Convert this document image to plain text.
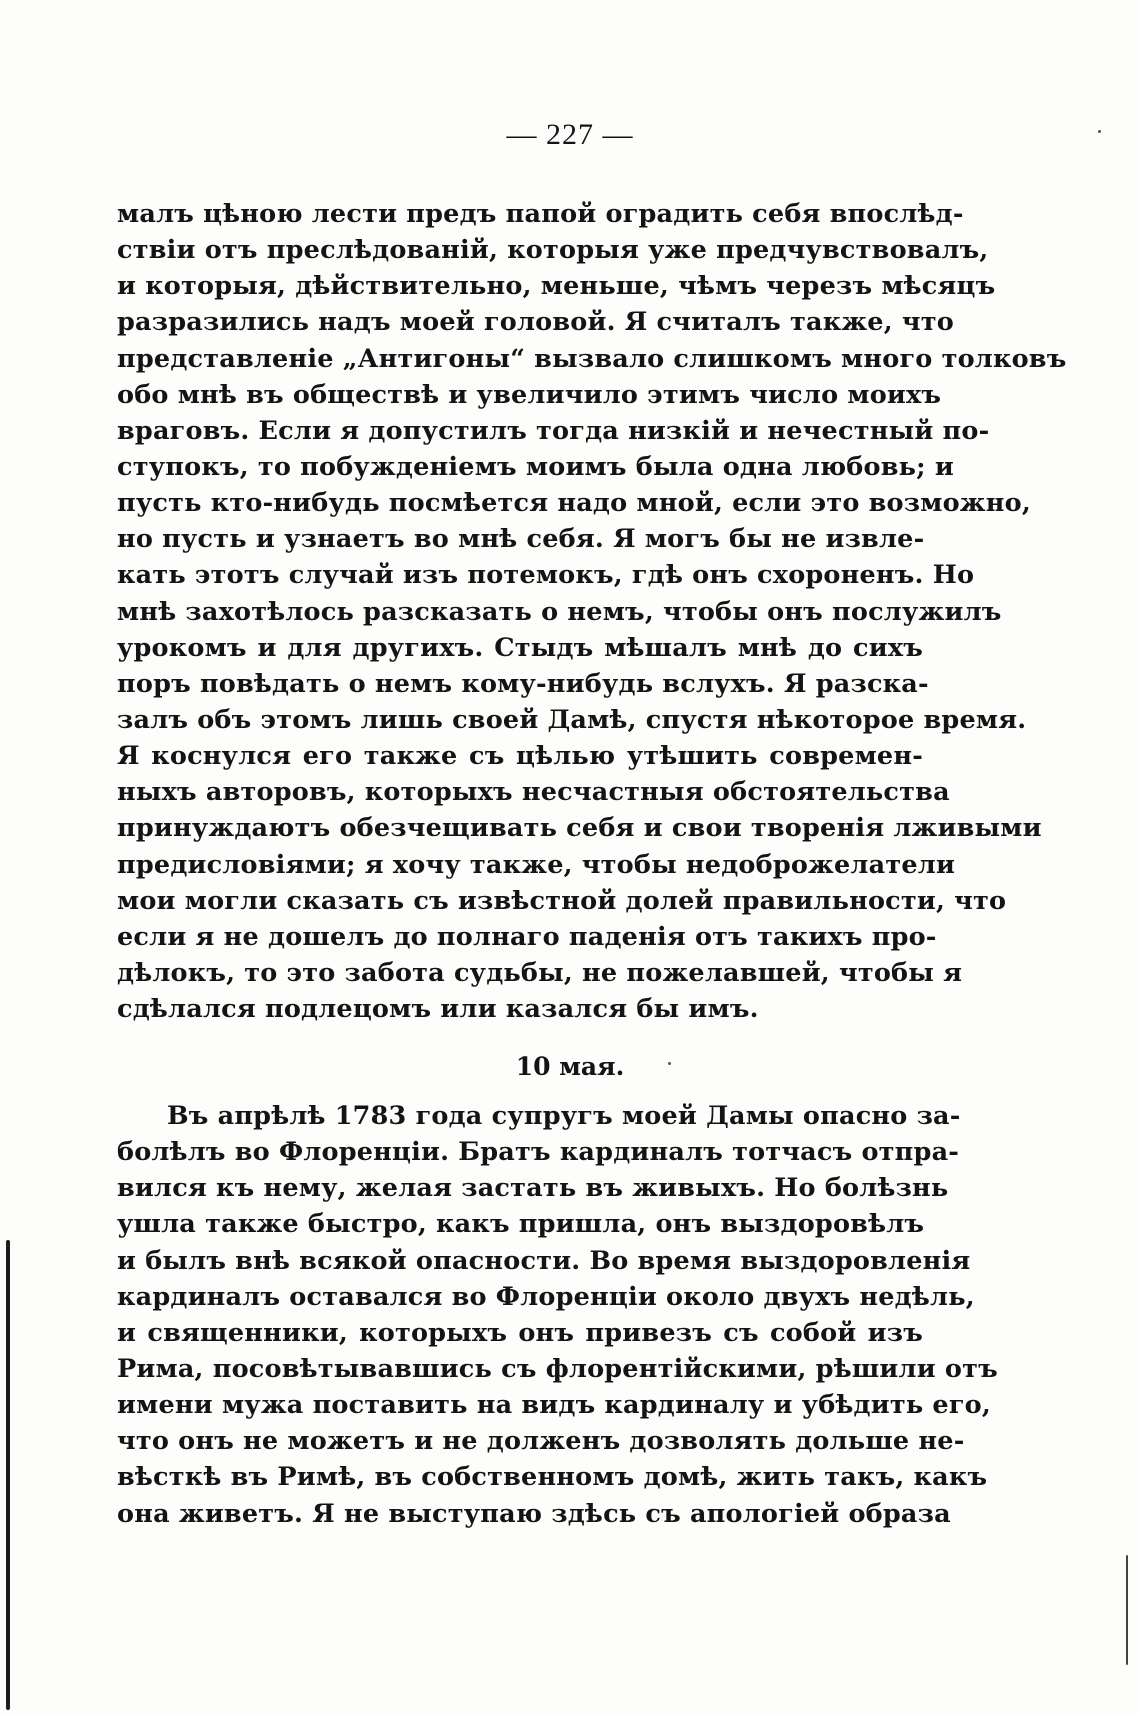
— 227 —
малъ цѣною лести предъ папой оградить себя впослѣд-
ствіи отъ преслѣдованій, которыя уже предчувствовалъ,
и которыя, дѣйствительно, меньше, чѣмъ черезъ мѣсяцъ
разразились надъ моей головой. Я считалъ также, что
представленіе „Антигоны“ вызвало слишкомъ много толковъ
обо мнѣ въ обществѣ и увеличило этимъ число моихъ
враговъ. Если я допустилъ тогда низкій и нечестный по-
ступокъ, то побужденіемъ моимъ была одна любовь; и
пусть кто-нибудь посмѣется надо мной, если это возможно,
но пусть и узнаетъ во мнѣ себя. Я могъ бы не извле-
кать этотъ случай изъ потемокъ, гдѣ онъ схороненъ. Но
мнѣ захотѣлось разсказать о немъ, чтобы онъ послужилъ
урокомъ и для другихъ. Стыдъ мѣшалъ мнѣ до сихъ
поръ повѣдать о немъ кому-нибудь вслухъ. Я разска-
залъ объ этомъ лишь своей Дамѣ, спустя нѣкоторое время.
Я коснулся его также съ цѣлью утѣшить современ-
ныхъ авторовъ, которыхъ несчастныя обстоятельства
принуждаютъ обезчещивать себя и свои творенія лживыми
предисловіями; я хочу также, чтобы недоброжелатели
мои могли сказать съ извѣстной долей правильности, что
если я не дошелъ до полнаго паденія отъ такихъ про-
дѣлокъ, то это забота судьбы, не пожелавшей, чтобы я
сдѣлался подлецомъ или казался бы имъ.
10 мая.
Въ апрѣлѣ 1783 года супругъ моей Дамы опасно за-
болѣлъ во Флоренціи. Братъ кардиналъ тотчасъ отпра-
вился къ нему, желая застать въ живыхъ. Но болѣзнь
ушла также быстро, какъ пришла, онъ выздоровѣлъ
и былъ внѣ всякой опасности. Во время выздоровленія
кардиналъ оставался во Флоренціи около двухъ недѣль,
и священники, которыхъ онъ привезъ съ собой изъ
Рима, посовѣтывавшись съ флорентійскими, рѣшили отъ
имени мужа поставить на видъ кардиналу и убѣдить его,
что онъ не можетъ и не долженъ дозволять дольше не-
вѣсткѣ въ Римѣ, въ собственномъ домѣ, жить такъ, какъ
она живетъ. Я не выступаю здѣсь съ апологіей образа
